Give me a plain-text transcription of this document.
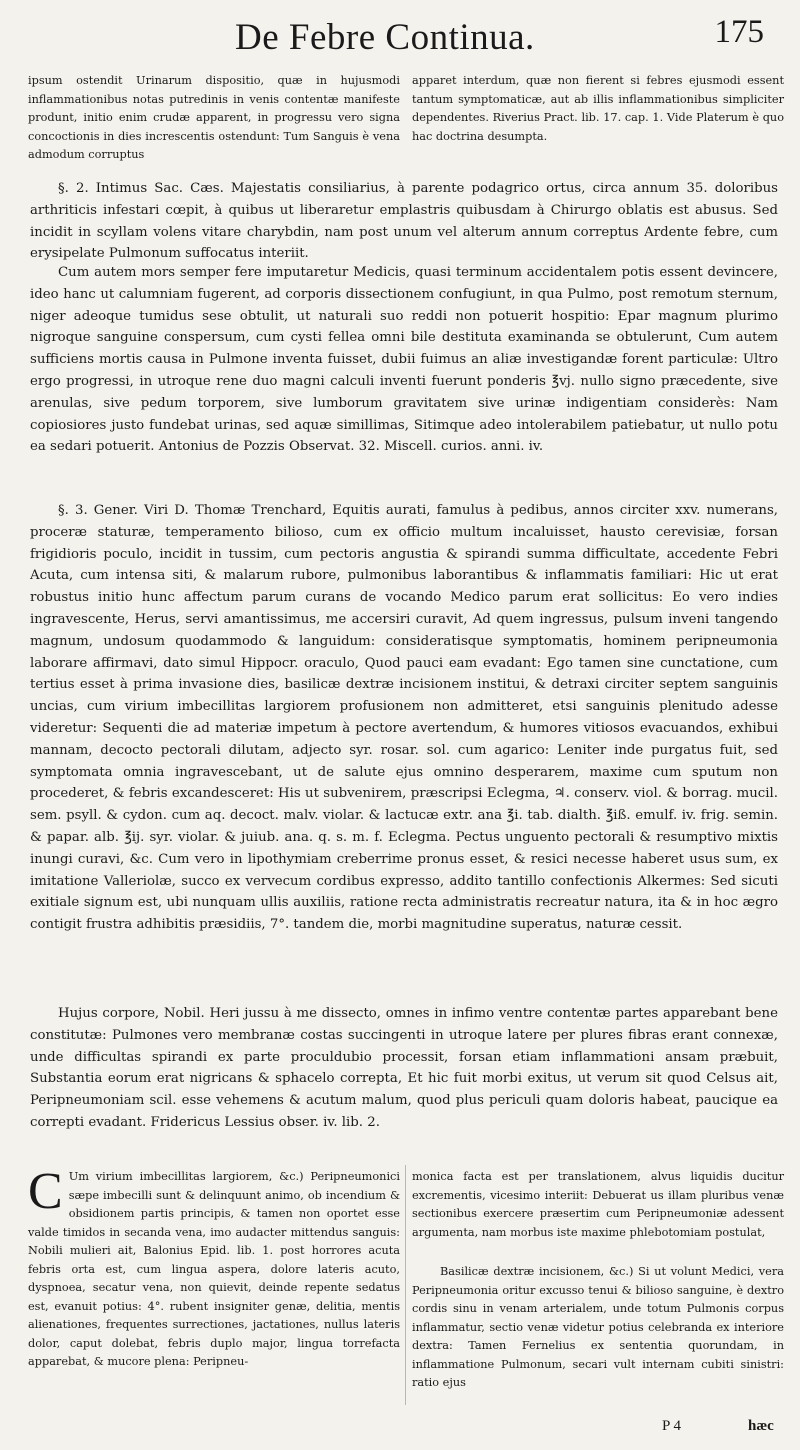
De Febre Continua.	175

ipsum ostendit Urinarum dispositio, quæ in hujusmodi inflammationibus notas putredinis in venis contentæ manifeste produnt, initio enim crudæ apparent, in progressu vero signa concoctionis in dies increscentis ostendunt: Tum Sanguis è vena admodum corruptus

apparet interdum, quæ non fierent si febres ejusmodi essent tantum symptomaticæ, aut ab illis inflammationibus simpliciter dependentes. Riverius Pract. lib. 17. cap. 1. Vide Platerum è quo hac doctrina desumpta.

§. 2. Intimus Sac. Cæs. Majestatis consiliarius, à parente podagrico ortus, circa annum 35. doloribus arthriticis infestari cœpit, à quibus ut liberaretur emplastris quibusdam à Chirurgo oblatis est abusus. Sed incidit in scyllam volens vitare charybdin, nam post unum vel alterum annum correptus Ardente febre, cum erysipelate Pulmonum suffocatus interiit.

Cum autem mors semper fere imputaretur Medicis, quasi terminum accidentalem potis essent devincere, ideo hanc ut calumniam fugerent, ad corporis dissectionem confugiunt, in qua Pulmo, post remotum sternum, niger adeoque tumidus sese obtulit, ut naturali suo reddi non potuerit hospitio: Epar magnum plurimo nigroque sanguine conspersum, cum cysti fellea omni bile destituta examinanda se obtulerunt, Cum autem sufficiens mortis causa in Pulmone inventa fuisset, dubii fuimus an aliæ investigandæ forent particulæ: Ultro ergo progressi, in utroque rene duo magni calculi inventi fuerunt ponderis ℥vj. nullo signo præcedente, sive arenulas, sive pedum torporem, sive lumborum gravitatem sive urinæ indigentiam considerès: Nam copiosiores justo fundebat urinas, sed aquæ simillimas, Sitimque adeo intolerabilem patiebatur, ut nullo potu ea sedari potuerit. Antonius de Pozzis Observat. 32. Miscell. curios. anni. iv.

§. 3. Gener. Viri D. Thomæ Trenchard, Equitis aurati, famulus à pedibus, annos circiter xxv. numerans, proceræ staturæ, temperamento bilioso, cum ex officio multum incaluisset, hausto cerevisiæ, forsan frigidioris poculo, incidit in tussim, cum pectoris angustia & spirandi summa difficultate, accedente Febri Acuta, cum intensa siti, & malarum rubore, pulmonibus laborantibus & inflammatis familiari: Hic ut erat robustus initio hunc affectum parum curans de vocando Medico parum erat sollicitus: Eo vero indies ingravescente, Herus, servi amantissimus, me accersiri curavit, Ad quem ingressus, pulsum inveni tangendo magnum, undosum quodammodo & languidum: consideratisque symptomatis, hominem peripneumonia laborare affirmavi, dato simul Hippocr. oraculo, Quod pauci eam evadant: Ego tamen sine cunctatione, cum tertius esset à prima invasione dies, basilicæ dextræ incisionem institui, & detraxi circiter septem sanguinis uncias, cum virium imbecillitas largiorem profusionem non admitteret, etsi sanguinis plenitudo adesse videretur: Sequenti die ad materiæ impetum à pectore avertendum, & humores vitiosos evacuandos, exhibui mannam, decocto pectorali dilutam, adjecto syr. rosar. sol. cum agarico: Leniter inde purgatus fuit, sed symptomata omnia ingravescebant, ut de salute ejus omnino desperarem, maxime cum sputum non procederet, & febris excandesceret: His ut subvenirem, præscripsi Eclegma, ♃. conserv. viol. & borrag. mucil. sem. psyll. & cydon. cum aq. decoct. malv. violar. & lactucæ extr. ana ℥i. tab. dialth. ℥iß. emulf. iv. frig. semin. & papar. alb. ℥ij. syr. violar. & juiub. ana. q. s. m. f. Eclegma. Pectus unguento pectorali & resumptivo mixtis inungi curavi, &c. Cum vero in lipothymiam creberrime pronus esset, & resici necesse haberet usus sum, ex imitatione Valleriolæ, succo ex vervecum cordibus expresso, addito tantillo confectionis Alkermes: Sed sicuti exitiale signum est, ubi nunquam ullis auxiliis, ratione recta administratis recreatur natura, ita & in hoc ægro contigit frustra adhibitis præsidiis, 7°. tandem die, morbi magnitudine superatus, naturæ cessit.

Hujus corpore, Nobil. Heri jussu à me dissecto, omnes in infimo ventre contentæ partes apparebant bene constitutæ: Pulmones vero membranæ costas succingenti in utroque latere per plures fibras erant connexæ, unde difficultas spirandi ex parte proculdubio processit, forsan etiam inflammationi ansam præbuit, Substantia eorum erat nigricans & sphacelo correpta, Et hic fuit morbi exitus, ut verum sit quod Celsus ait, Peripneumoniam scil. esse vehemens & acutum malum, quod plus periculi quam doloris habeat, paucique ea correpti evadant. Fridericus Lessius obser. iv. lib. 2.

C Um virium imbecillitas largiorem, &c.) Peripneumonici sæpe imbecilli sunt & delinquunt animo, ob incendium & obsidionem partis principis, & tamen non oportet esse valde timidos in secanda vena, imo audacter mittendus sanguis: Nobili mulieri ait, Balonius Epid. lib. 1. post horrores acuta febris orta est, cum lingua aspera, dolore lateris acuto, dyspnoea, secatur vena, non quievit, deinde repente sedatus est, evanuit potius: 4°. rubent insigniter genæ, delitia, mentis alienationes, frequentes surrectiones, jactationes, nullus lateris dolor, caput dolebat, febris duplo major, lingua torrefacta apparebat, & mucore plena: Peripneu-

monica facta est per translationem, alvus liquidis ducitur excrementis, vicesimo interiit: Debuerat us illam pluribus venæ sectionibus exercere præsertim cum Peripneumoniæ adessent argumenta, nam morbus iste maxime phlebotomiam postulat,

Basilicæ dextræ incisionem, &c.) Si ut volunt Medici, vera Peripneumonia oritur excusso tenui & bilioso sanguine, è dextro cordis sinu in venam arterialem, unde totum Pulmonis corpus inflammatur, sectio venæ videtur potius celebranda ex interiore dextra: Tamen Fernelius ex sententia quorundam, in inflammatione Pulmonum, secari vult internam cubiti sinistri: ratio ejus

P 4	hæc
